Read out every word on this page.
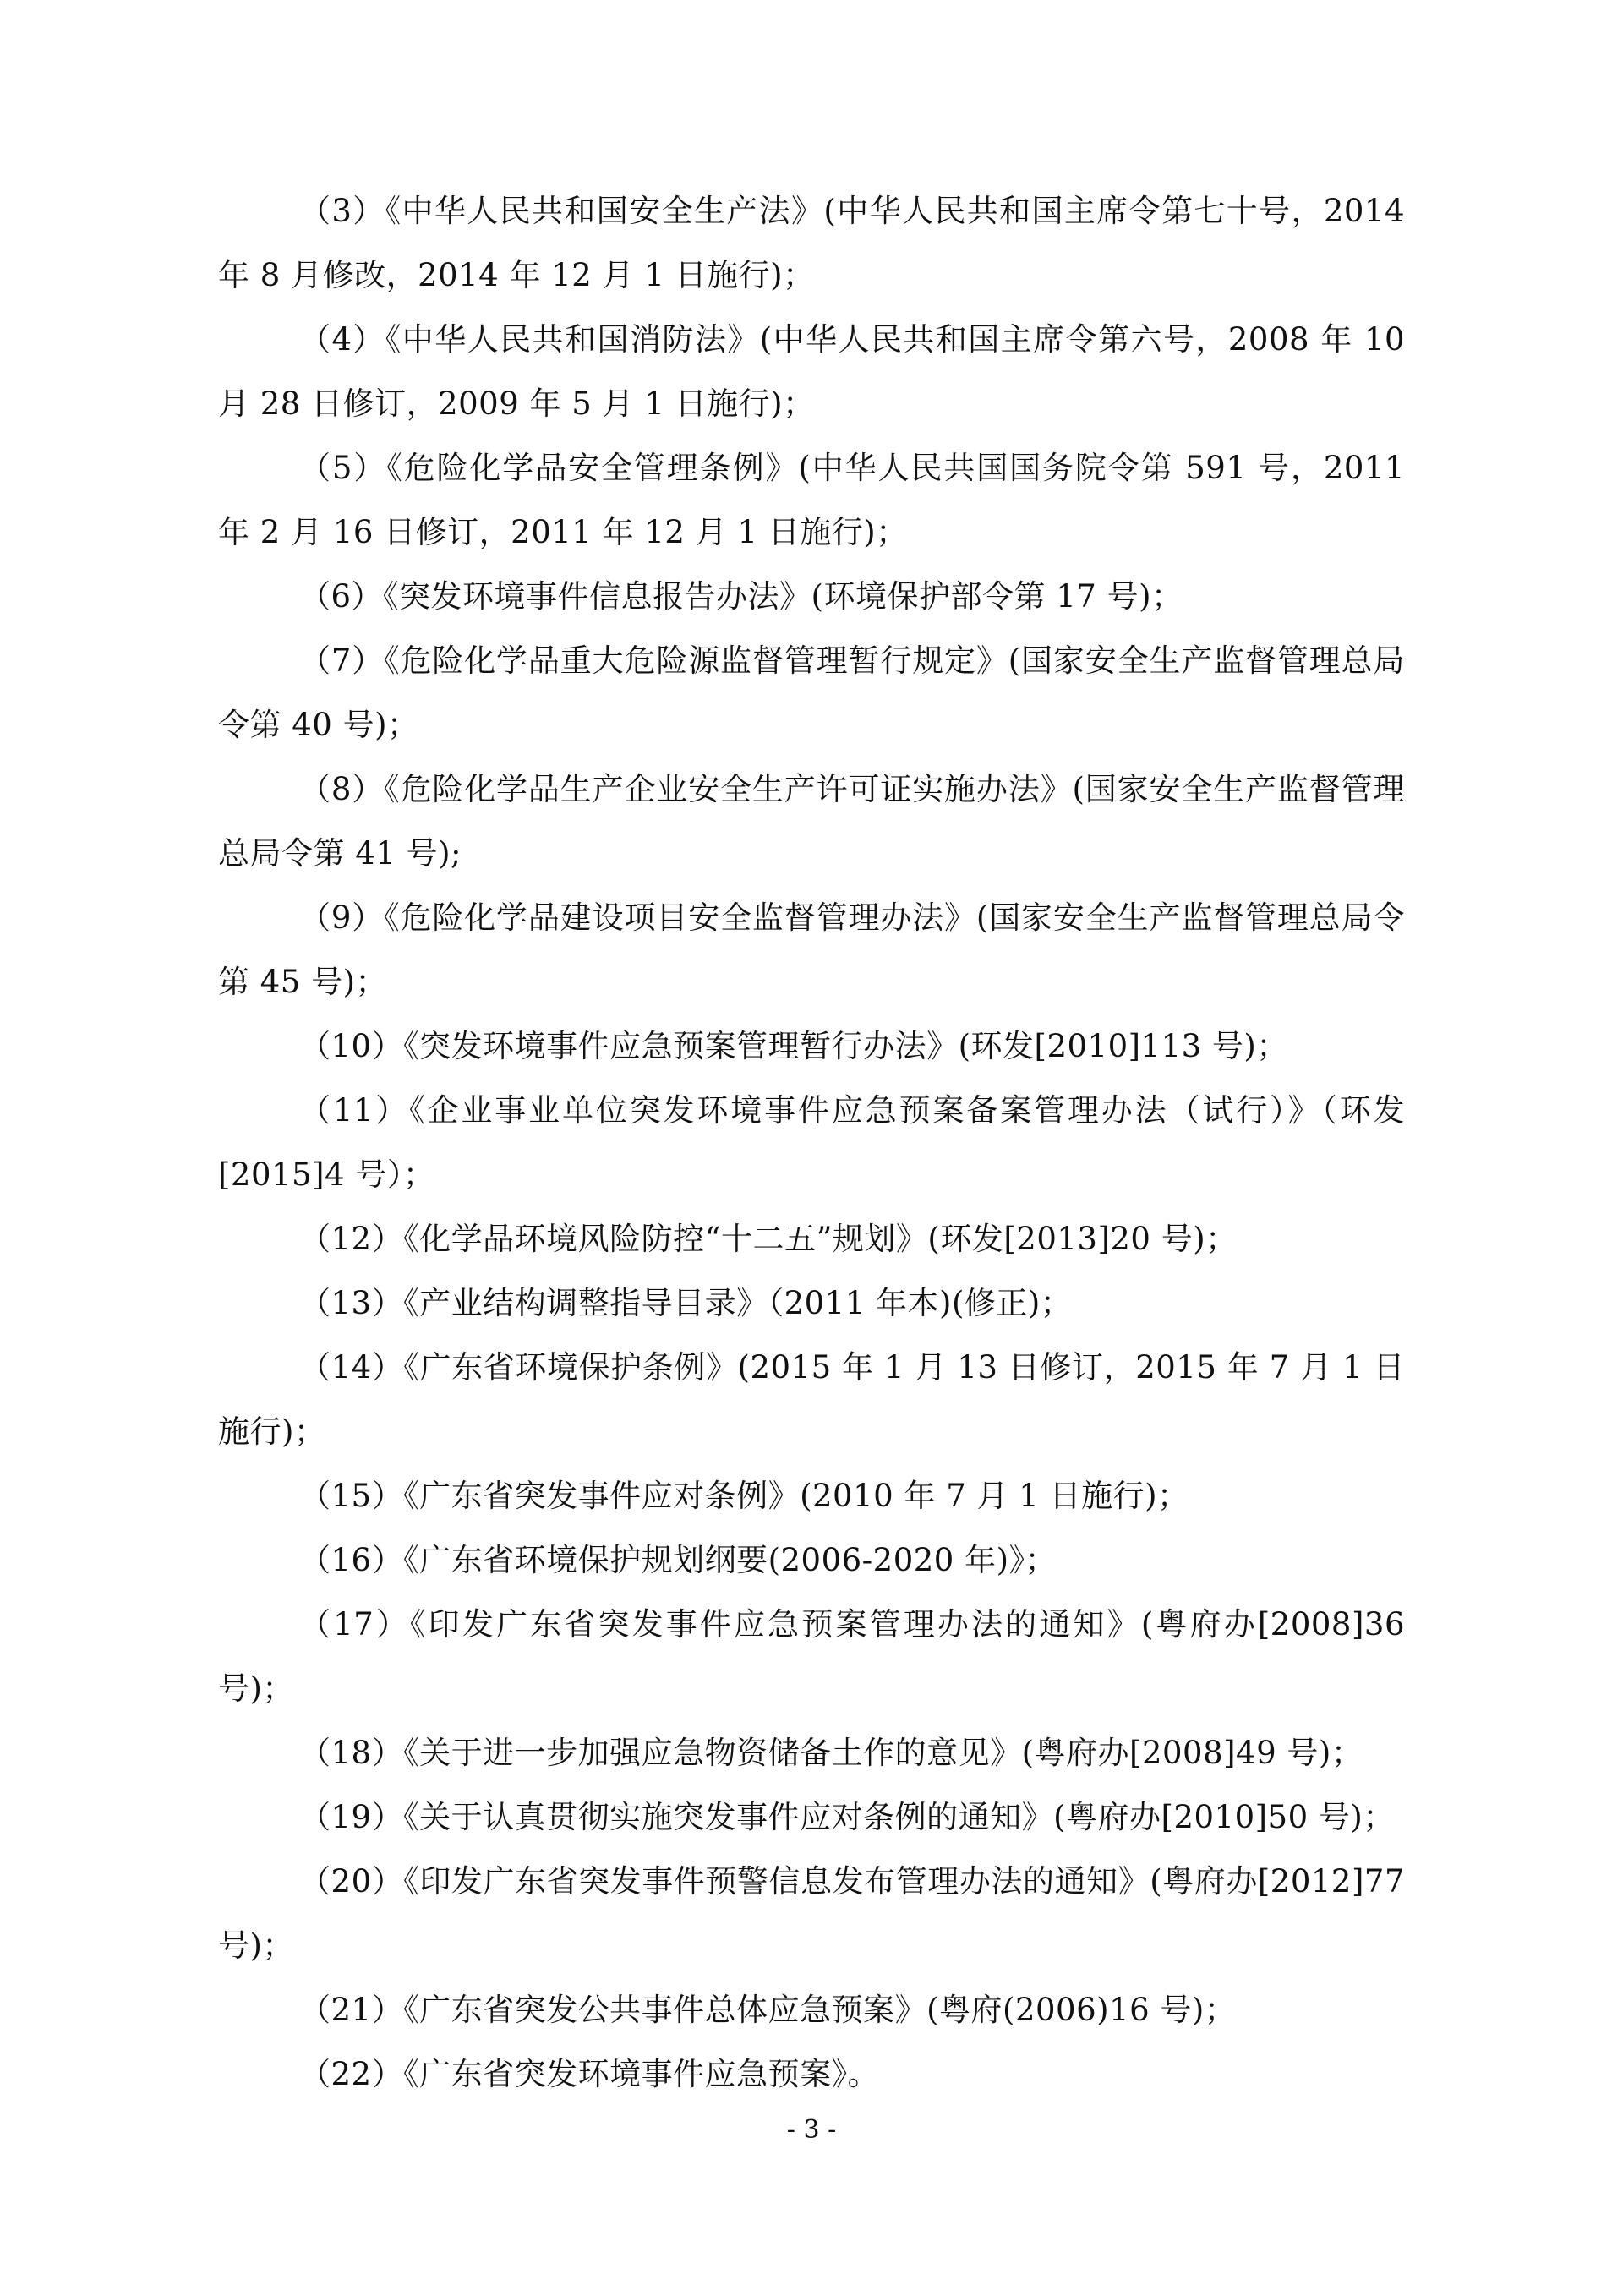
（3）《中华人民共和国安全生产法》(中华人民共和国主席令第七十号，2014 年 8 月修改，2014 年 12 月 1 日施行)；

（4）《中华人民共和国消防法》(中华人民共和国主席令第六号，2008 年 10 月 28 日修订，2009 年 5 月 1 日施行)；

（5）《危险化学品安全管理条例》(中华人民共国国务院令第 591 号，2011 年 2 月 16 日修订，2011 年 12 月 1 日施行)；

（6）《突发环境事件信息报告办法》(环境保护部令第 17 号)；

（7）《危险化学品重大危险源监督管理暂行规定》(国家安全生产监督管理总局令第 40 号)；

（8）《危险化学品生产企业安全生产许可证实施办法》(国家安全生产监督管理总局令第 41 号);

（9）《危险化学品建设项目安全监督管理办法》(国家安全生产监督管理总局令第 45 号)；

（10）《突发环境事件应急预案管理暂行办法》(环发[2010]113 号)；

（11）《企业事业单位突发环境事件应急预案备案管理办法（试行）》（环发[2015]4 号）；

（12）《化学品环境风险防控“十二五”规划》(环发[2013]20 号)；

（13）《产业结构调整指导目录》（2011 年本)(修正)；

（14）《广东省环境保护条例》(2015 年 1 月 13 日修订，2015 年 7 月 1 日施行)；

（15）《广东省突发事件应对条例》(2010 年 7 月 1 日施行)；

（16）《广东省环境保护规划纲要(2006-2020 年)》；

（17）《印发广东省突发事件应急预案管理办法的通知》(粤府办[2008]36 号)；

（18）《关于进一步加强应急物资储备土作的意见》(粤府办[2008]49 号)；

（19）《关于认真贯彻实施突发事件应对条例的通知》(粤府办[2010]50 号)；

（20）《印发广东省突发事件预警信息发布管理办法的通知》(粤府办[2012]77 号)；

（21）《广东省突发公共事件总体应急预案》(粤府(2006)16 号)；

（22）《广东省突发环境事件应急预案》。

- 3 -
